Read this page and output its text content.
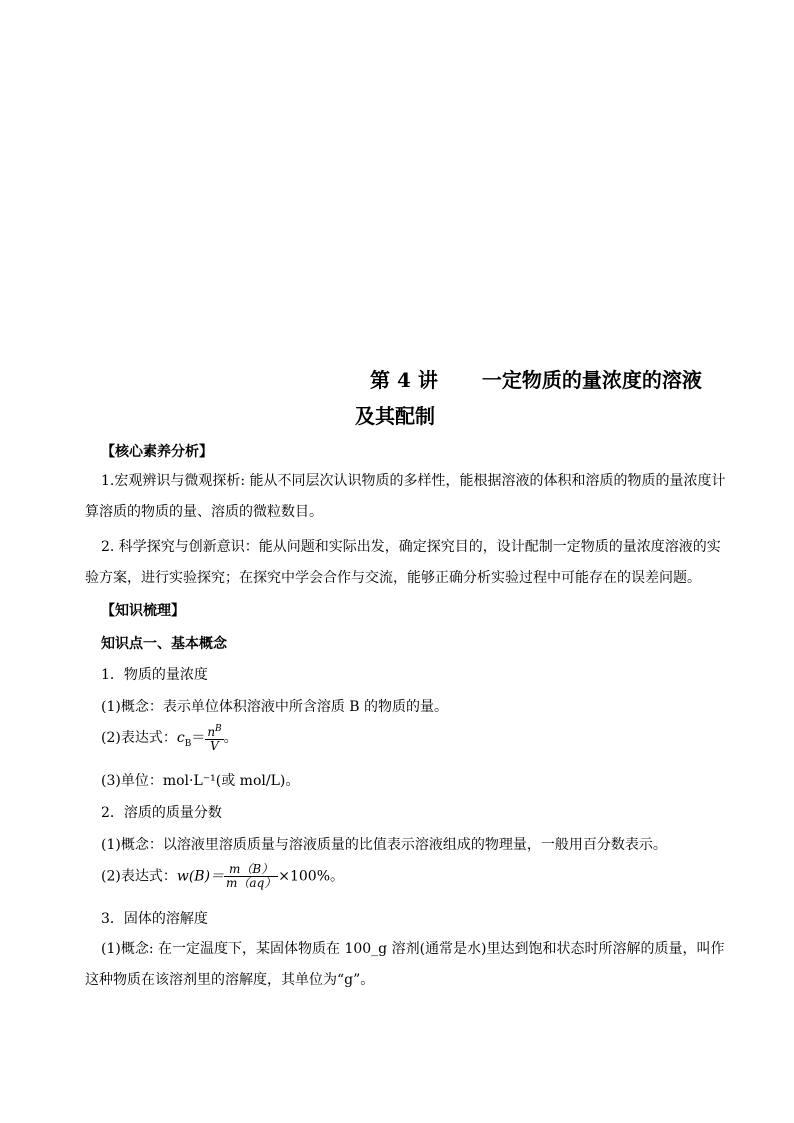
第 4 讲 一定物质的量浓度的溶液
及其配制
【核心素养分析】
1.宏观辨识与微观探析: 能从不同层次认识物质的多样性，能根据溶液的体积和溶质的物质的量浓度计算溶质的物质的量、溶质的微粒数目。
2. 科学探究与创新意识：能从问题和实际出发，确定探究目的，设计配制一定物质的量浓度溶液的实验方案，进行实验探究；在探究中学会合作与交流，能够正确分析实验过程中可能存在的误差问题。
【知识梳理】
知识点一、基本概念
1．物质的量浓度
(1)概念：表示单位体积溶液中所含溶质 B 的物质的量。
(2)表达式：$c_B= \frac{n^B}{V}$ 。
(3)单位：mol·L⁻¹(或 mol/L)。
2．溶质的质量分数
(1)概念：以溶液里溶质质量与溶液质量的比值表示溶液组成的物理量，一般用百分数表示。
(2)表达式：$w(B)= \frac{m(B)}{m(aq)} \times 100\%$。
3．固体的溶解度
(1)概念: 在一定温度下，某固体物质在 100_g 溶剂(通常是水)里达到饱和状态时所溶解的质量，叫作这种物质在该溶剂里的溶解度，其单位为“g”。
